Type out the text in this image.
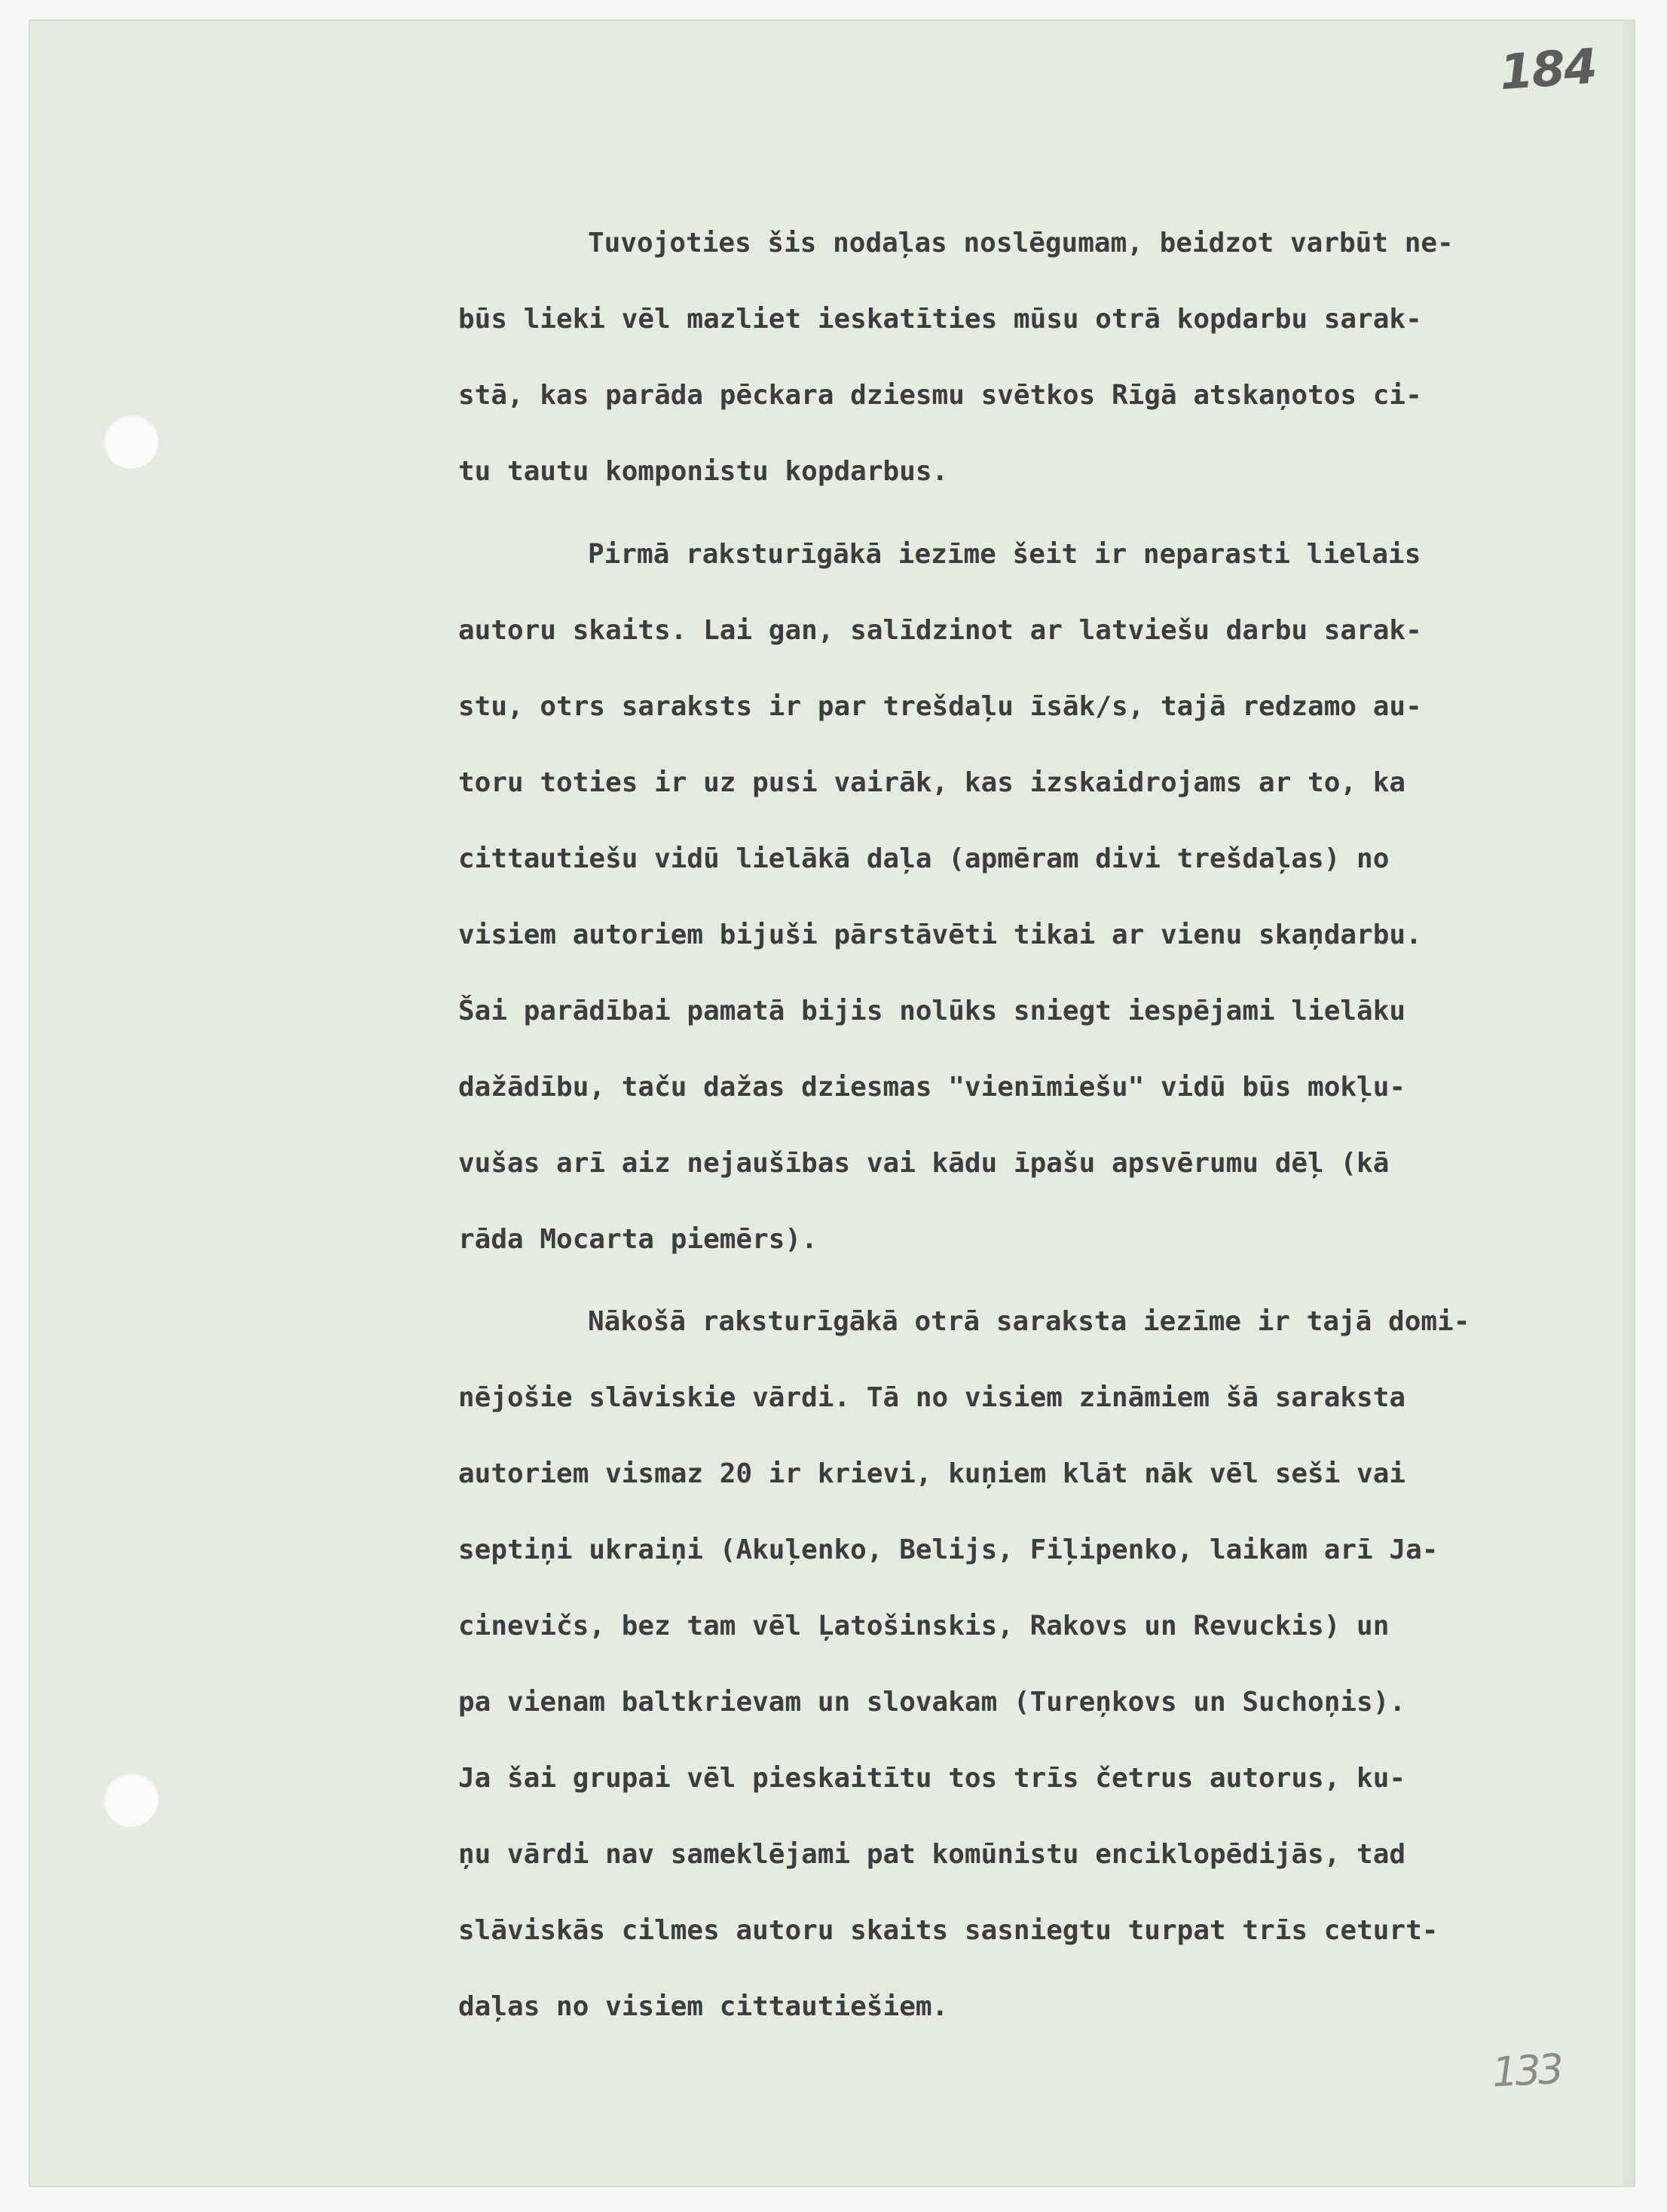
184
Tuvojoties šis nodaļas noslēgumam, beidzot varbūt ne-
būs lieki vēl mazliet ieskatīties mūsu otrā kopdarbu sarak-
stā, kas parāda pēckara dziesmu svētkos Rīgā atskaņotos ci-
tu tautu komponistu kopdarbus.
Pirmā raksturīgākā iezīme šeit ir neparasti lielais
autoru skaits. Lai gan, salīdzinot ar latviešu darbu sarak-
stu, otrs saraksts ir par trešdaļu īsāk/s, tajā redzamo au-
toru toties ir uz pusi vairāk, kas izskaidrojams ar to, ka
cittautiešu vidū lielākā daļa (apmēram divi trešdaļas) no
visiem autoriem bijuši pārstāvēti tikai ar vienu skaņdarbu.
Šai parādībai pamatā bijis nolūks sniegt iespējami lielāku
dažādību, taču dažas dziesmas "vienīmiešu" vidū būs mokļu-
vušas arī aiz nejaušības vai kādu īpašu apsvērumu dēļ (kā
rāda Mocarta piemērs).
Nākošā raksturīgākā otrā saraksta iezīme ir tajā domi-
nējošie slāviskie vārdi. Tā no visiem zināmiem šā saraksta
autoriem vismaz 20 ir krievi, kuņiem klāt nāk vēl seši vai
septiņi ukraiņi (Akuļenko, Belijs, Fiļipenko, laikam arī Ja-
cinevičs, bez tam vēl Ļatošinskis, Rakovs un Revuckis) un
pa vienam baltkrievam un slovakam (Tureņkovs un Suchoņis).
Ja šai grupai vēl pieskaitītu tos trīs četrus autorus, ku-
ņu vārdi nav sameklējami pat komūnistu enciklopēdijās, tad
slāviskās cilmes autoru skaits sasniegtu turpat trīs ceturt-
daļas no visiem cittautiešiem.
133
